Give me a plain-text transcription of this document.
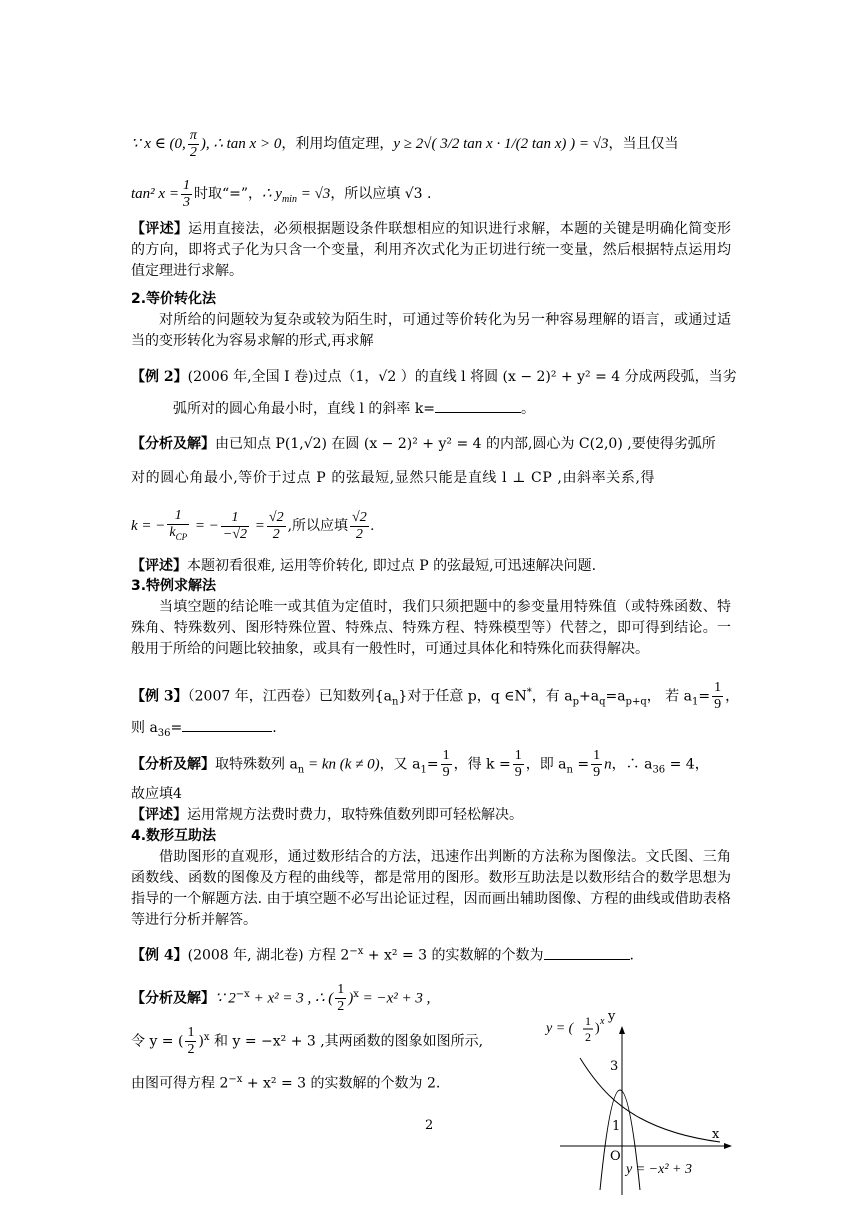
∵ x ∈ (0, $\frac{\pi}{2}$ ), ∴ tan x > 0，利用均值定理，y ≥ 2√( 3/2 tan x · 1/(2 tan x) ) = √3，当且仅当
tan² $x = \frac{1}{3}$ 时取“=”，∴ $y_{min} = √3$，所以应填 √3 .
【评述】运用直接法，必须根据题设条件联想相应的知识进行求解，本题的关键是明确化简变形的方向，即将式子化为只含一个变量，利用齐次式化为正切进行统一变量，然后根据特点运用均值定理进行求解。
2.等价转化法
对所给的问题较为复杂或较为陌生时，可通过等价转化为另一种容易理解的语言，或通过适当的变形转化为容易求解的形式,再求解
【例 2】(2006 年,全国 I 卷)过点（1，√2 ）的直线 l 将圆 (x − 2)² + y² = 4 分成两段弧，当劣
弧所对的圆心角最小时，直线 l 的斜率 k=	。
【分析及解】由已知点 P(1,√2) 在圆 (x − 2)² + y² = 4 的内部,圆心为 C(2,0) ,要使得劣弧所
对的圆心角最小,等价于过点 P 的弦最短,显然只能是直线 l ⊥ CP ,由斜率关系,得
k = − $\frac{1}{k_{CP}}$ = − $\frac{1}{-√2} = \frac{√2}{2}$ ,所以应填 $\frac{√2}{2}$ .
【评述】本题初看很难, 运用等价转化, 即过点 P 的弦最短,可迅速解决问题.
3.特例求解法
当填空题的结论唯一或其值为定值时，我们只须把题中的参变量用特殊值（或特殊函数、特殊角、特殊数列、图形特殊位置、特殊点、特殊方程、特殊模型等）代替之，即可得到结论。一般用于所给的问题比较抽象，或具有一般性时，可通过具体化和特殊化而获得解决。
【例 3】（2007 年，江西卷）已知数列$\{a_n\}$对于任意 p，q ∈N*，有 $a_p+a_q=a_{p+q}$， 若 $a_1= \frac{1}{9}$ ，
则 $a_{36}=$	.
【分析及解】取特殊数列 $a_n$ = kn (k ≠ 0)，又 $a_1= \frac{1}{9}$ ，得 $k = \frac{1}{9}$ ，即 $a_n = \frac{1}{9}$ n，∴ $a_{36} = 4$，
故应填4
【评述】运用常规方法费时费力，取特殊值数列即可轻松解决。
4.数形互助法
借助图形的直观形，通过数形结合的方法，迅速作出判断的方法称为图像法。文氏图、三角函数线、函数的图像及方程的曲线等，都是常用的图形。数形互助法是以数形结合的数学思想为指导的一个解题方法. 由于填空题不必写出论证过程，因而画出辅助图像、方程的曲线或借助表格等进行分析并解答。
【例 4】(2008 年, 湖北卷) 方程 $2^{-x} + x^2 = 3$ 的实数解的个数为	.
【分析及解】∵ $2^{-x} + x^2 = 3$ , ∴ ( $\frac{1}{2} )^x = -x^2 + 3$ ,
令 y = ( $\frac{1}{2} )^x$ 和 y = −x² + 3 ,其两函数的图象如图所示,
由图可得方程 $2^{-x} + x^2 = 3$ 的实数解的个数为 2.
y
x
O
3
1
y = ( 1
2
) x
y = −x² + 3
2
